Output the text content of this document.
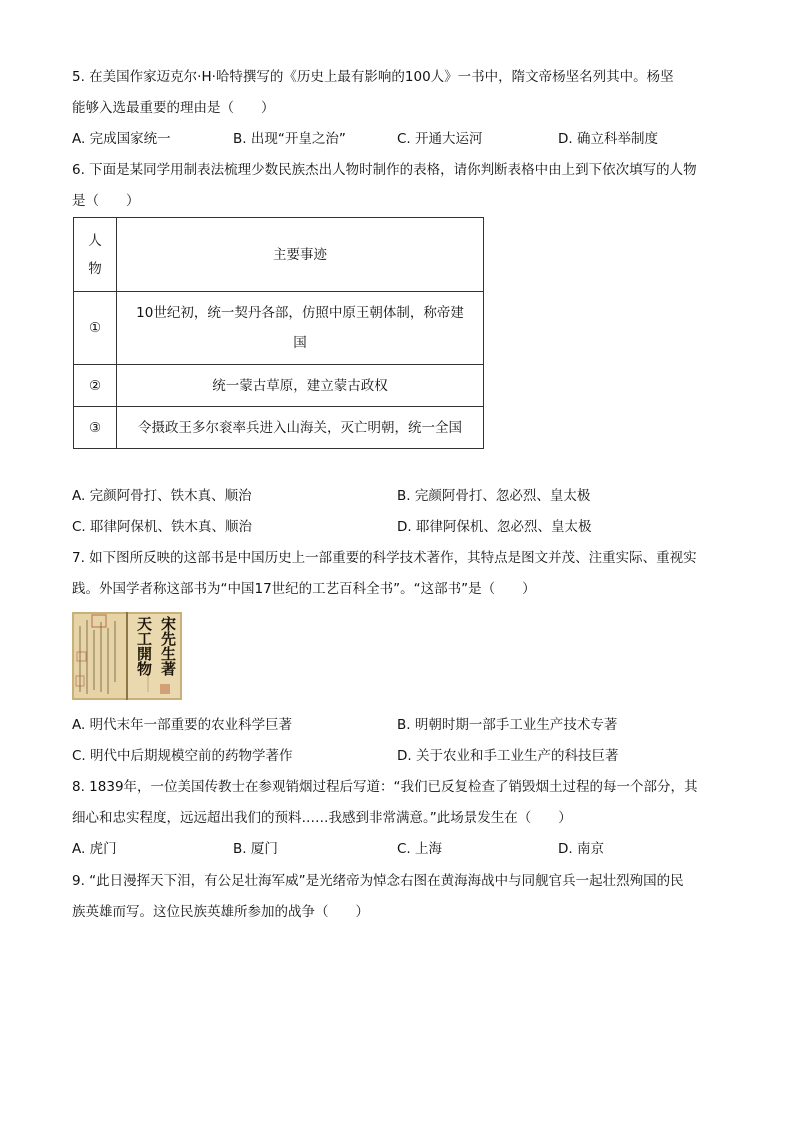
5. 在美国作家迈克尔·H·哈特撰写的《历史上最有影响的100人》一书中，隋文帝杨坚名列其中。杨坚
能够入选最重要的理由是（　　）
A. 完成国家统一	B. 出现“开皇之治”	C. 开通大运河	D. 确立科举制度
6. 下面是某同学用制表法梳理少数民族杰出人物时制作的表格，请你判断表格中由上到下依次填写的人物
是（　　）
人
物	主要事迹
①	10世纪初，统一契丹各部，仿照中原王朝体制，称帝建
国

②	统一蒙古草原，建立蒙古政权
③	令摄政王多尔衮率兵进入山海关，灭亡明朝，统一全国
A. 完颜阿骨打、铁木真、顺治	B. 完颜阿骨打、忽必烈、皇太极
C. 耶律阿保机、铁木真、顺治	D. 耶律阿保机、忽必烈、皇太极
7. 如下图所反映的这部书是中国历史上一部重要的科学技术著作，其特点是图文并茂、注重实际、重视实
践。外国学者称这部书为“中国17世纪的工艺百科全书”。“这部书”是（　　）
宋先生著
天工開物
A. 明代末年一部重要的农业科学巨著	B. 明朝时期一部手工业生产技术专著
C. 明代中后期规模空前的药物学著作	D. 关于农业和手工业生产的科技巨著
8. 1839年，一位美国传教士在参观销烟过程后写道：“我们已反复检查了销毁烟土过程的每一个部分，其
细心和忠实程度，远远超出我们的预料……我感到非常满意。”此场景发生在（　　）
A. 虎门	B. 厦门	C. 上海	D. 南京
9. “此日漫挥天下泪，有公足壮海军威”是光绪帝为悼念右图在黄海海战中与同舰官兵一起壮烈殉国的民
族英雄而写。这位民族英雄所参加的战争（　　）
